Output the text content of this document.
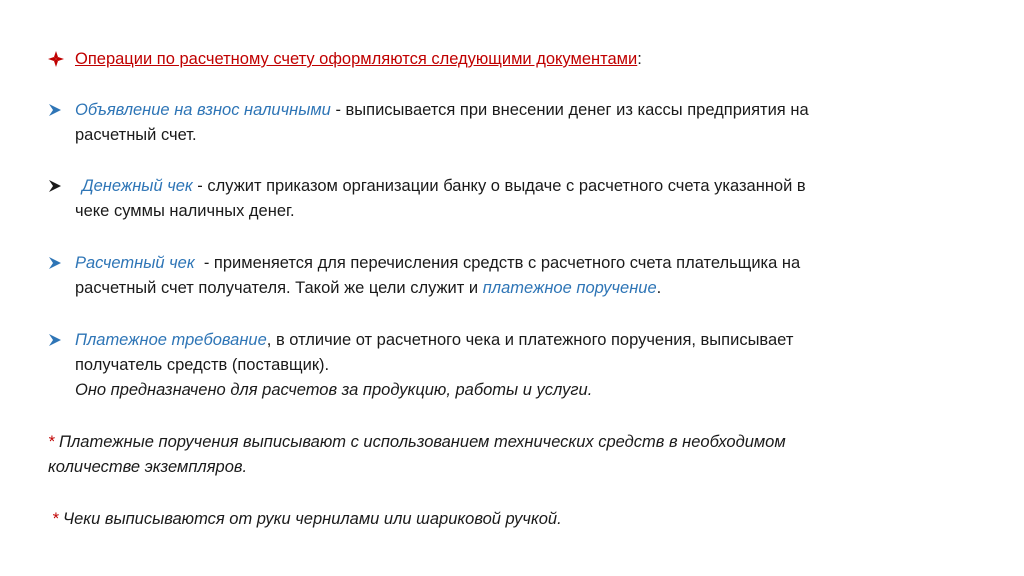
Операции по расчетному счету оформляются следующими документами:
Объявление на взнос наличными - выписывается при внесении денег из кассы предприятия на
расчетный счет.
Денежный чек - служит приказом организации банку о выдаче с расчетного счета указанной в
чеке суммы наличных денег.
Расчетный чек  - применяется для перечисления средств с расчетного счета плательщика на
расчетный счет получателя. Такой же цели служит и платежное поручение.
Платежное требование, в отличие от расчетного чека и платежного поручения, выписывает
получатель средств (поставщик).
Оно предназначено для расчетов за продукцию, работы и услуги.
* Платежные поручения выписывают с использованием технических средств в необходимом
количестве экземпляров.
* Чеки выписываются от руки чернилами или шариковой ручкой.
